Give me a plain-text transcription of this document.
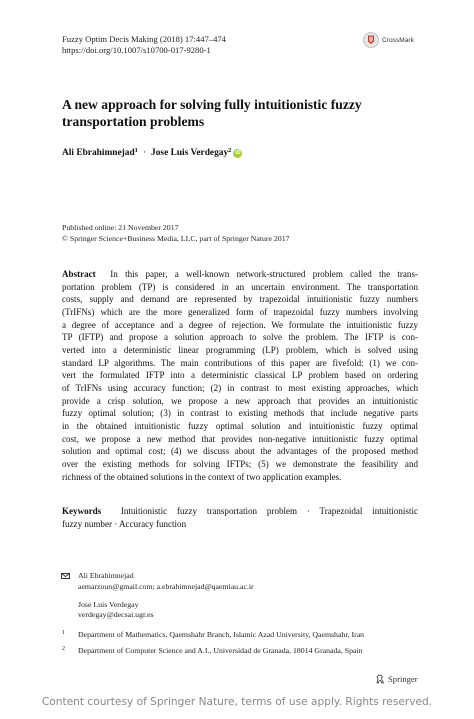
Fuzzy Optim Decis Making (2018) 17:447–474
https://doi.org/10.1007/s10700-017-9280-1
CrossMark
A new approach for solving fully intuitionistic fuzzy
transportation problems
Ali Ebrahimnejad$^1$ · Jose Luis Verdegay$^2$ iD
Published online: 21 November 2017
© Springer Science+Business Media, LLC, part of Springer Nature 2017
Abstract In this paper, a well-known network-structured problem called the trans-
portation problem (TP) is considered in an uncertain environment. The transportation
costs, supply and demand are represented by trapezoidal intuitionistic fuzzy numbers
(TrIFNs) which are the more generalized form of trapezoidal fuzzy numbers involving
a degree of acceptance and a degree of rejection. We formulate the intuitionistic fuzzy
TP (IFTP) and propose a solution approach to solve the problem. The IFTP is con-
verted into a deterministic linear programming (LP) problem, which is solved using
standard LP algorithms. The main contributions of this paper are fivefold: (1) we con-
vert the formulated IFTP into a deterministic classical LP problem based on ordering
of TrIFNs using accuracy function; (2) in contrast to most existing approaches, which
provide a crisp solution, we propose a new approach that provides an intuitionistic
fuzzy optimal solution; (3) in contrast to existing methods that include negative parts
in the obtained intuitionistic fuzzy optimal solution and intuitionistic fuzzy optimal
cost, we propose a new method that provides non-negative intuitionistic fuzzy optimal
solution and optimal cost; (4) we discuss about the advantages of the proposed method
over the existing methods for solving IFTPs; (5) we demonstrate the feasibility and
richness of the obtained solutions in the context of two application examples.
Keywords Intuitionistic fuzzy transportation problem · Trapezoidal intuitionistic
fuzzy number · Accuracy function
Ali Ebrahimnejad
aemarzoun@gmail.com; a.ebrahimnejad@qaemiau.ac.ir
Jose Luis Verdegay
verdegay@decsai.ugr.es
1 Department of Mathematics, Qaemshahr Branch, Islamic Azad University, Qaemshahr, Iran
2 Department of Computer Science and A.I., Universidad de Granada, 18014 Granada, Spain
Springer
Content courtesy of Springer Nature, terms of use apply. Rights reserved.
